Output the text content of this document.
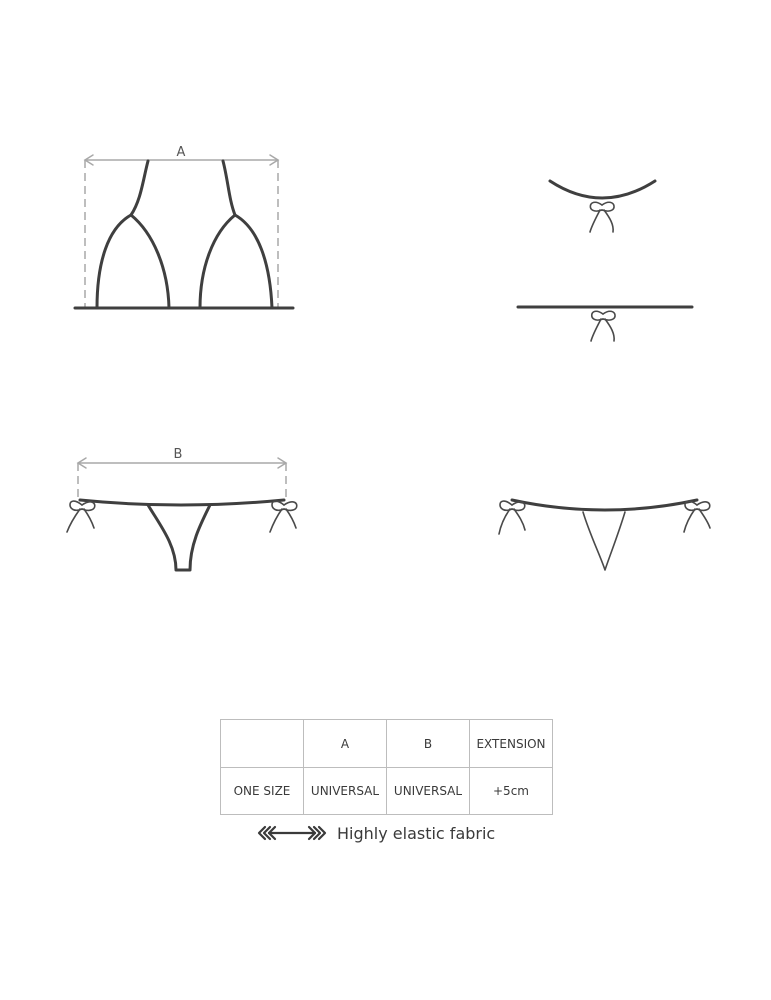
A
B
	A	B	EXTENSION
ONE SIZE	UNIVERSAL	UNIVERSAL	+5cm
Highly elastic fabric
